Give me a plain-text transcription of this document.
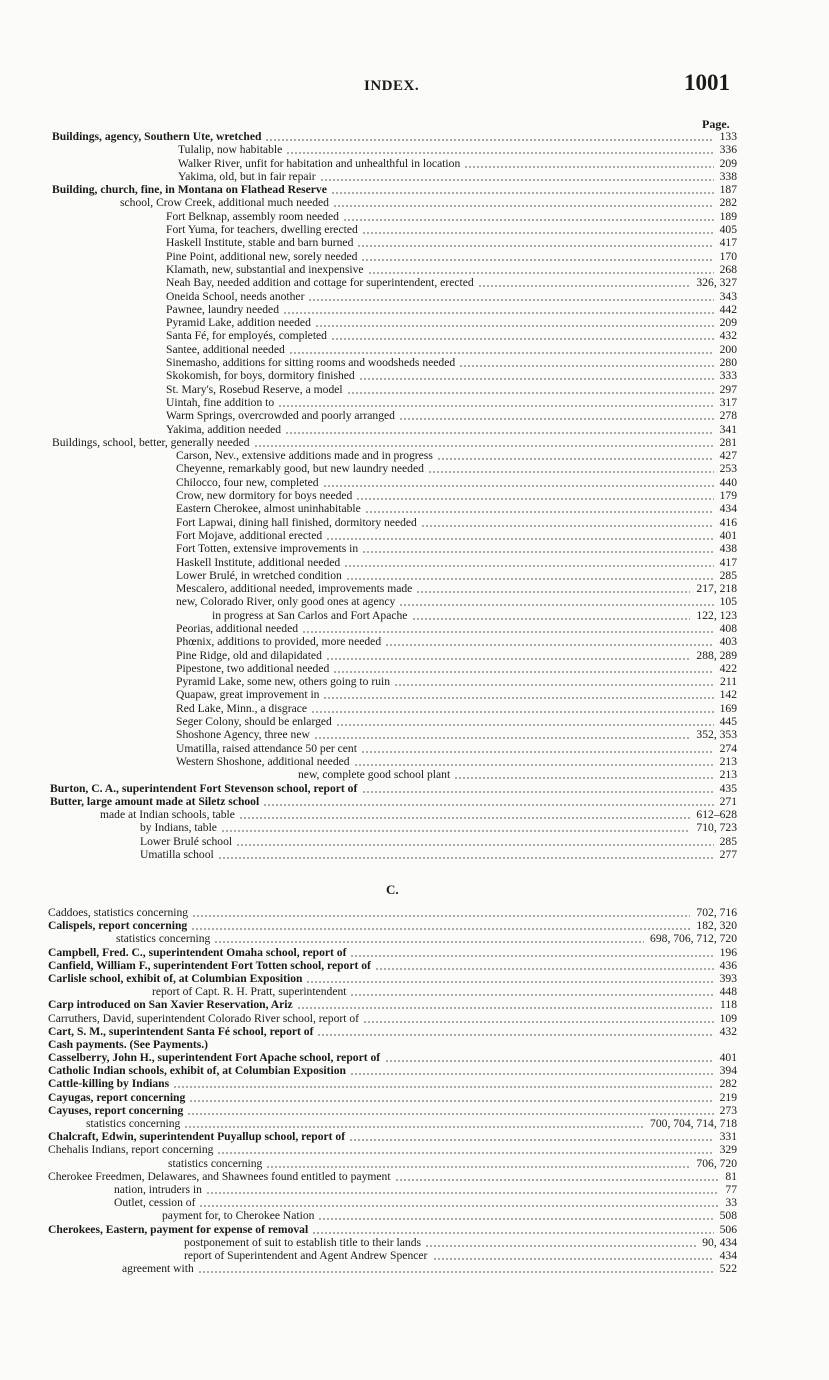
INDEX.	1001
Page.
Buildings, agency, Southern Ute, wretched	133
Tulalip, now habitable	336
Walker River, unfit for habitation and unhealthful in location	209
Yakima, old, but in fair repair	338
Building, church, fine, in Montana on Flathead Reserve	187
school, Crow Creek, additional much needed	282
Fort Belknap, assembly room needed	189
Fort Yuma, for teachers, dwelling erected	405
Haskell Institute, stable and barn burned	417
Pine Point, additional new, sorely needed	170
Klamath, new, substantial and inexpensive	268
Neah Bay, needed addition and cottage for superintendent, erected	326, 327
Oneida School, needs another	343
Pawnee, laundry needed	442
Pyramid Lake, addition needed	209
Santa Fé, for employés, completed	432
Santee, additional needed	200
Sinemasho, additions for sitting rooms and woodsheds needed	280
Skokomish, for boys, dormitory finished	333
St. Mary's, Rosebud Reserve, a model	297
Uintah, fine addition to	317
Warm Springs, overcrowded and poorly arranged	278
Yakima, addition needed	341
Buildings, school, better, generally needed	281
Carson, Nev., extensive additions made and in progress	427
Cheyenne, remarkably good, but new laundry needed	253
Chilocco, four new, completed	440
Crow, new dormitory for boys needed	179
Eastern Cherokee, almost uninhabitable	434
Fort Lapwai, dining hall finished, dormitory needed	416
Fort Mojave, additional erected	401
Fort Totten, extensive improvements in	438
Haskell Institute, additional needed	417
Lower Brulé, in wretched condition	285
Mescalero, additional needed, improvements made	217, 218
new, Colorado River, only good ones at agency	105
in progress at San Carlos and Fort Apache	122, 123
Peorias, additional needed	408
Phœnix, additions to provided, more needed	403
Pine Ridge, old and dilapidated	288, 289
Pipestone, two additional needed	422
Pyramid Lake, some new, others going to ruin	211
Quapaw, great improvement in	142
Red Lake, Minn., a disgrace	169
Seger Colony, should be enlarged	445
Shoshone Agency, three new	352, 353
Umatilla, raised attendance 50 per cent	274
Western Shoshone, additional needed	213
new, complete good school plant	213
Burton, C. A., superintendent Fort Stevenson school, report of	435
Butter, large amount made at Siletz school	271
made at Indian schools, table	612–628
by Indians, table	710, 723
Lower Brulé school	285
Umatilla school	277
C.
Caddoes, statistics concerning	702, 716
Calispels, report concerning	182, 320
statistics concerning	698, 706, 712, 720
Campbell, Fred. C., superintendent Omaha school, report of	196
Canfield, William F., superintendent Fort Totten school, report of	436
Carlisle school, exhibit of, at Columbian Exposition	393
report of Capt. R. H. Pratt, superintendent	448
Carp introduced on San Xavier Reservation, Ariz	118
Carruthers, David, superintendent Colorado River school, report of	109
Cart, S. M., superintendent Santa Fé school, report of	432
Cash payments. (See Payments.)
Casselberry, John H., superintendent Fort Apache school, report of	401
Catholic Indian schools, exhibit of, at Columbian Exposition	394
Cattle-killing by Indians	282
Cayugas, report concerning	219
Cayuses, report concerning	273
statistics concerning	700, 704, 714, 718
Chalcraft, Edwin, superintendent Puyallup school, report of	331
Chehalis Indians, report concerning	329
statistics concerning	706, 720
Cherokee Freedmen, Delawares, and Shawnees found entitled to payment	81
nation, intruders in	77
Outlet, cession of	33
payment for, to Cherokee Nation	508
Cherokees, Eastern, payment for expense of removal	506
postponement of suit to establish title to their lands	90, 434
report of Superintendent and Agent Andrew Spencer	434
agreement with	522
